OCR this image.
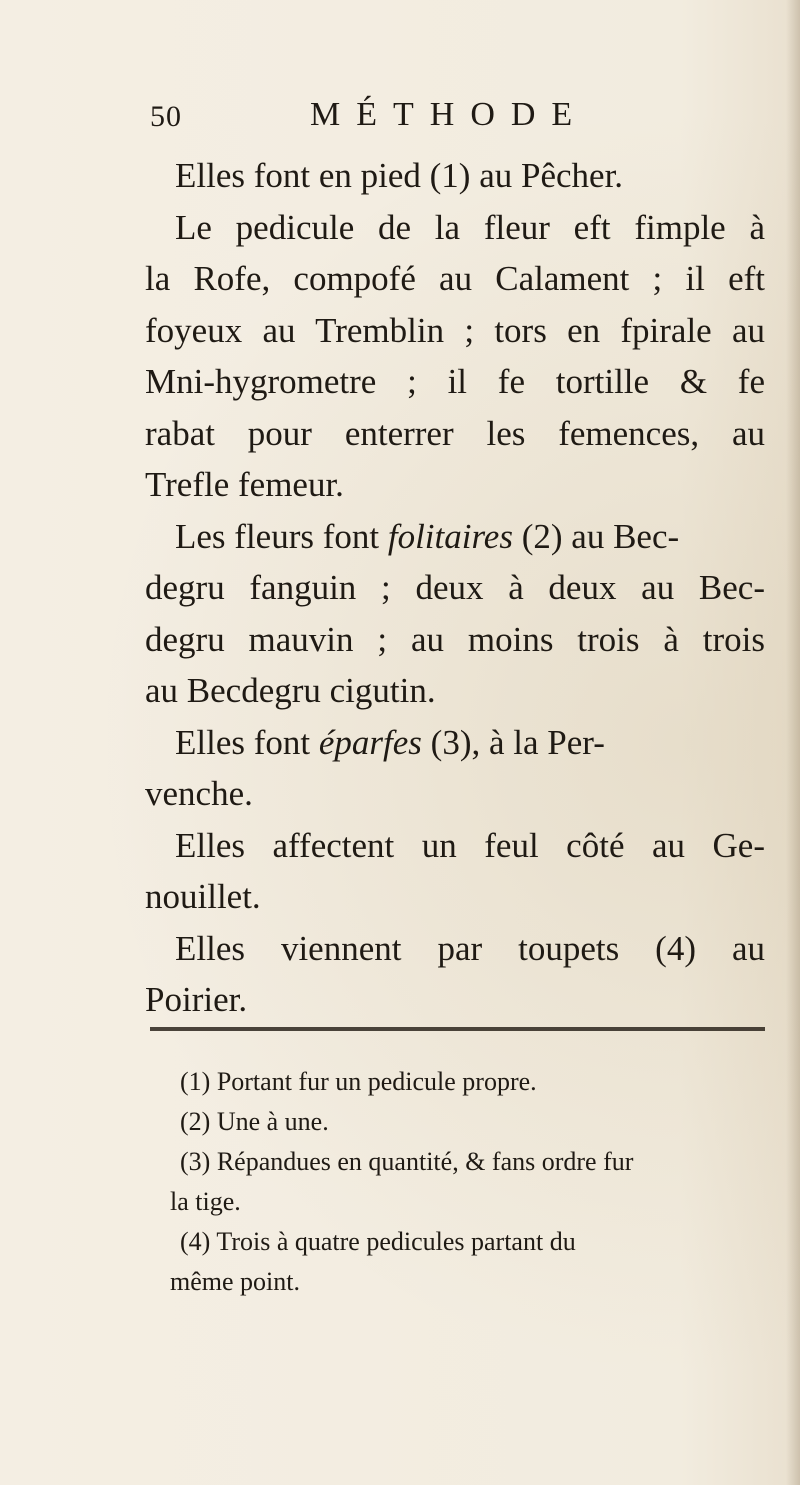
50	MÉTHODE
Elles font en pied (1) au Pêcher.
Le pedicule de la fleur eft fimple à
la Rofe, compofé au Calament ; il eft
foyeux au Tremblin ; tors en fpirale au
Mni-hygrometre ; il fe tortille & fe
rabat pour enterrer les femences, au
Trefle femeur.
Les fleurs font folitaires (2) au Bec-
degru fanguin ; deux à deux au Bec-
degru mauvin ; au moins trois à trois
au Becdegru cigutin.
Elles font éparfes (3), à la Per-
venche.
Elles affectent un feul côté au Ge-
nouillet.
Elles viennent par toupets (4) au
Poirier.
(1) Portant fur un pedicule propre.
(2) Une à une.
(3) Répandues en quantité, & fans ordre fur
la tige.
(4) Trois à quatre pedicules partant du
même point.
